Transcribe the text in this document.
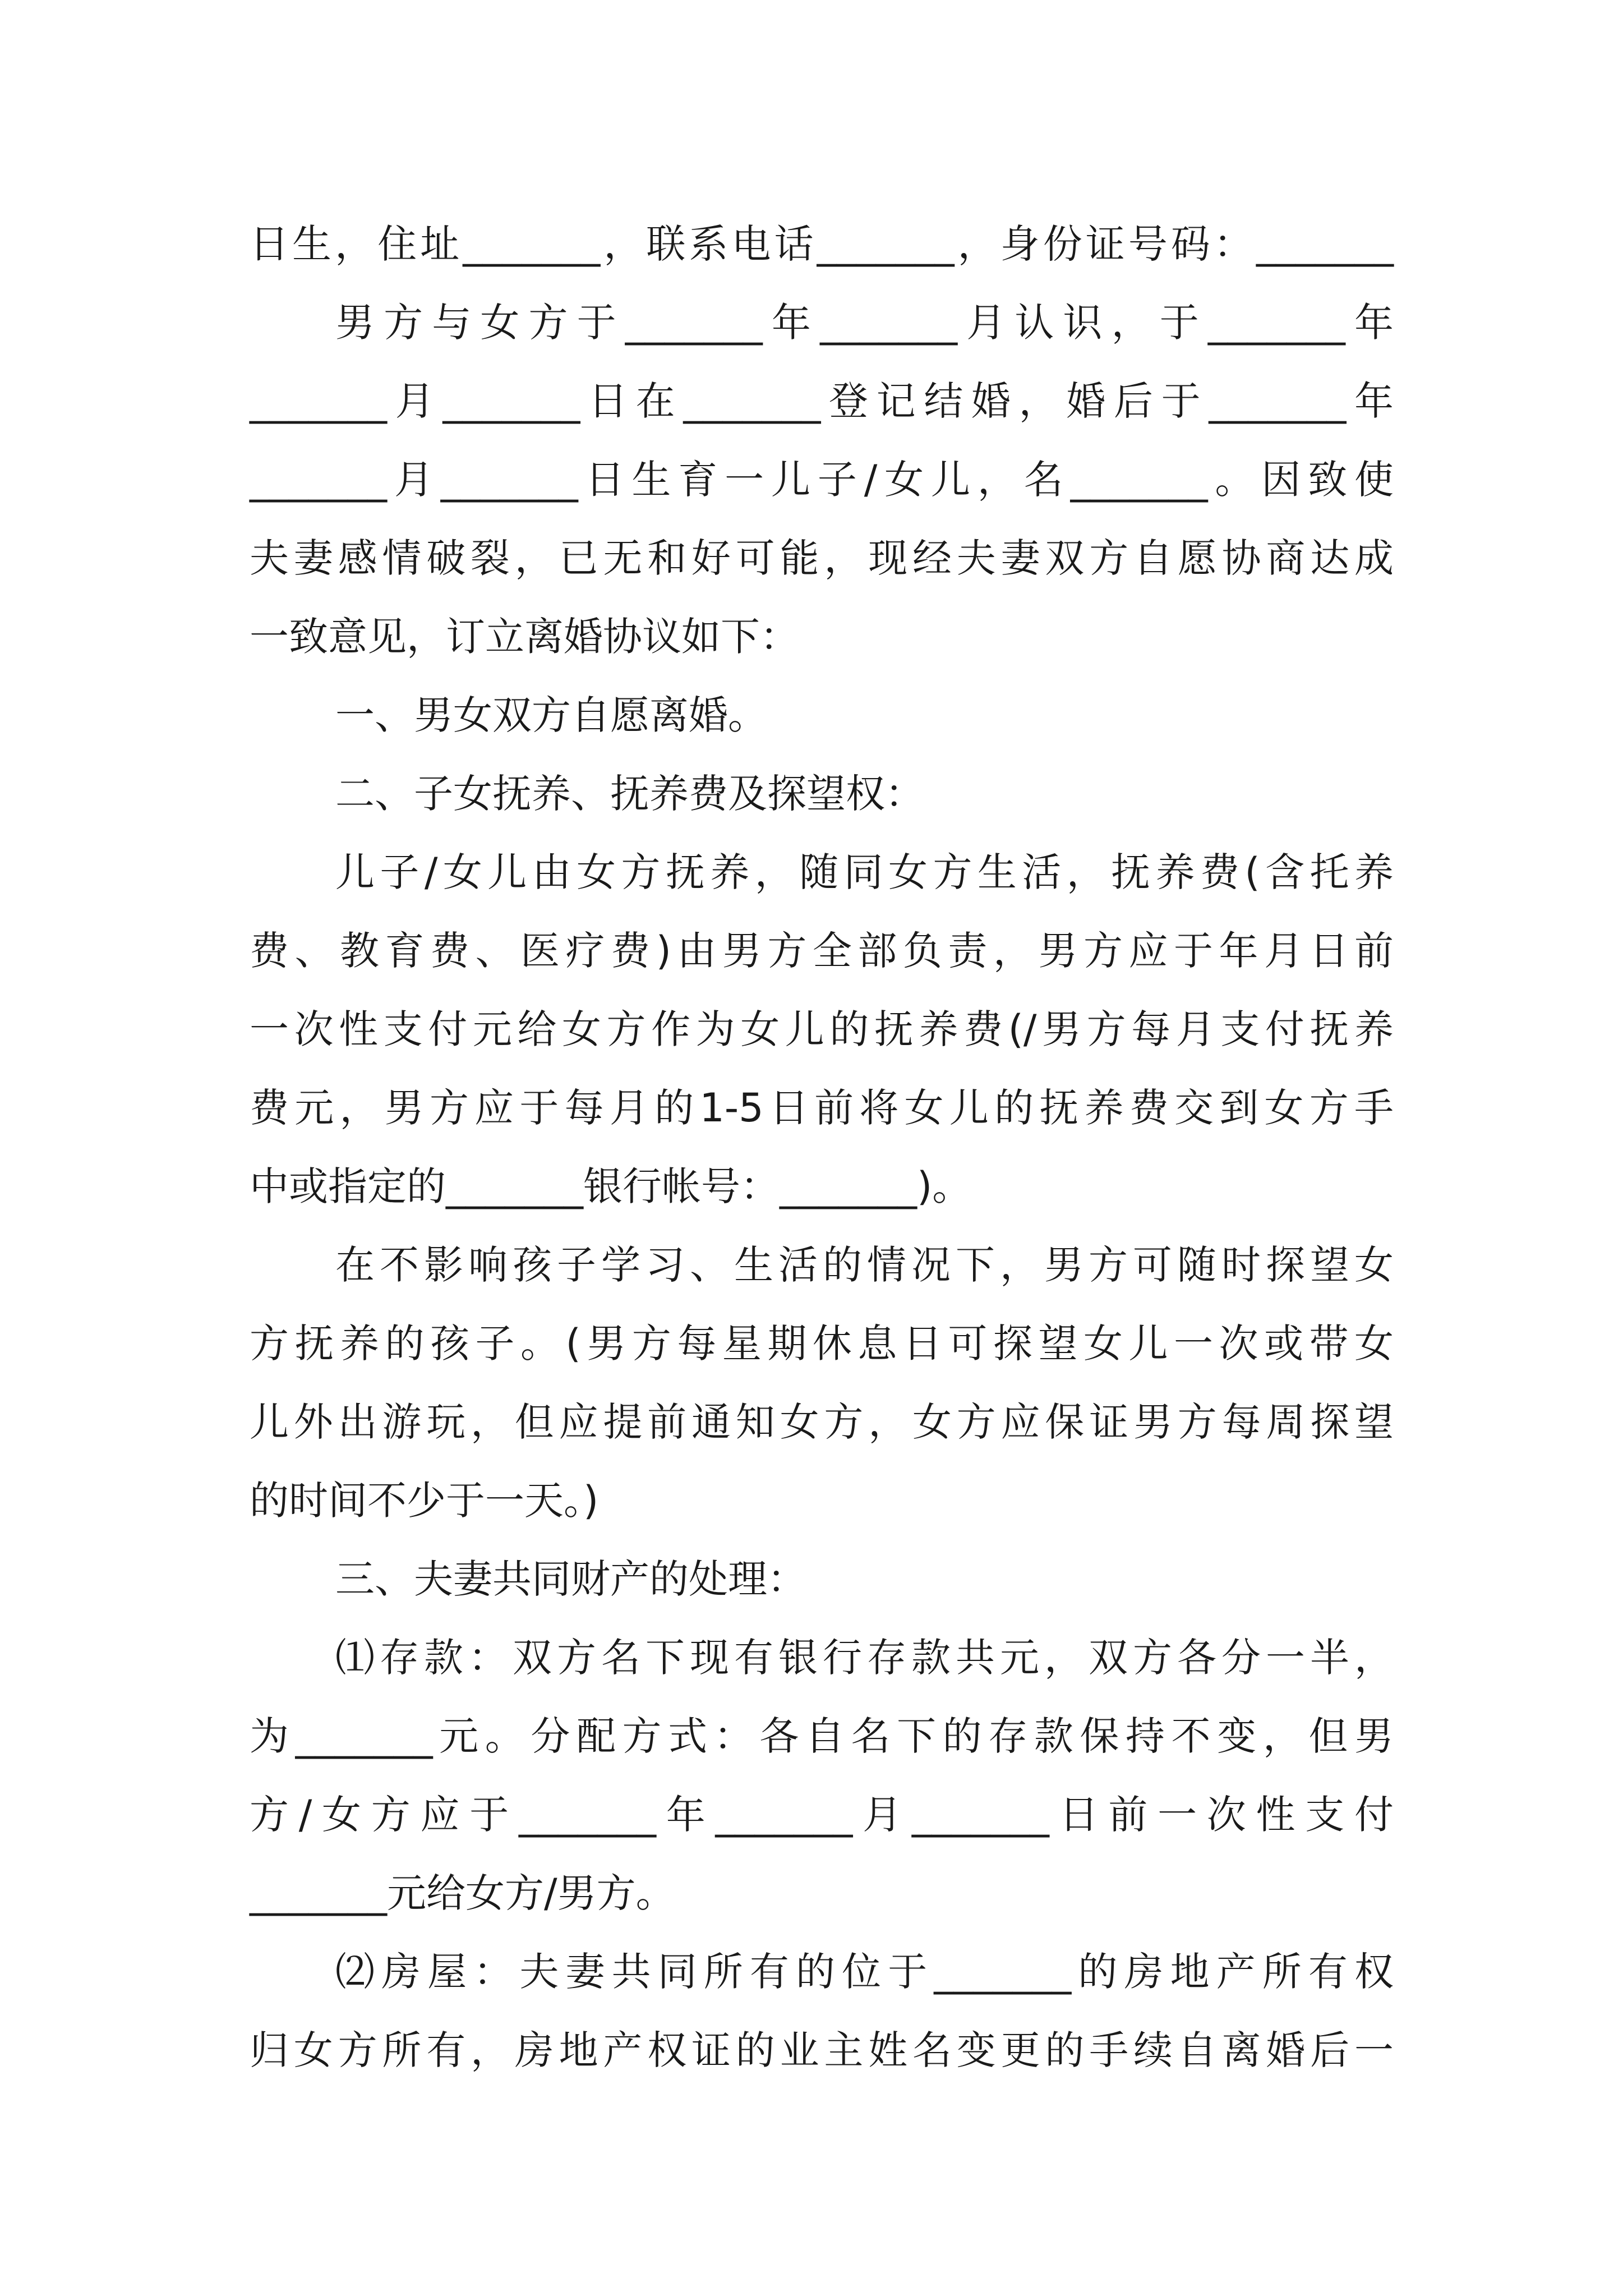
日生，住址_______，联系电话_______，身份证号码：_______
男方与女方于_______年_______月认识，于_______年
_______月_______日在_______登记结婚，婚后于_______年
_______月_______日生育一儿子/女儿，名_______。因致使
夫妻感情破裂，已无和好可能，现经夫妻双方自愿协商达成
一致意见，订立离婚协议如下：
一、男女双方自愿离婚。
二、子女抚养、抚养费及探望权：
儿子/女儿由女方抚养，随同女方生活，抚养费(含托养
费、教育费、医疗费)由男方全部负责，男方应于年月日前
一次性支付元给女方作为女儿的抚养费(/男方每月支付抚养
费元，男方应于每月的1-5日前将女儿的抚养费交到女方手
中或指定的_______银行帐号：_______)。
在不影响孩子学习、生活的情况下，男方可随时探望女
方抚养的孩子。(男方每星期休息日可探望女儿一次或带女
儿外出游玩，但应提前通知女方，女方应保证男方每周探望
的时间不少于一天。)
三、夫妻共同财产的处理：
⑴存款：双方名下现有银行存款共元，双方各分一半，
为_______元。分配方式：各自名下的存款保持不变，但男
方/女方应于_______年_______月_______日前一次性支付
_______元给女方/男方。
⑵房屋：夫妻共同所有的位于_______的房地产所有权
归女方所有，房地产权证的业主姓名变更的手续自离婚后一
